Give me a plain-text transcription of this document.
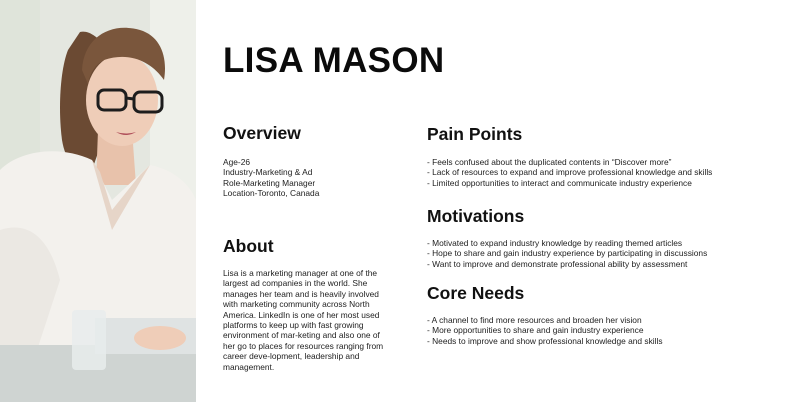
LISA MASON
Overview
Age-26
Industry-Marketing & Ad
Role-Marketing Manager
Location-Toronto, Canada
About
Lisa is a marketing manager at one of the largest ad companies in the world. She manages her team and is heavily involved with marketing community across North America. LinkedIn is one of her most used platforms to keep up with fast growing environment of mar-keting and also one of her go to places for resources ranging from career deve-lopment, leadership and management.
Pain Points
- Feels confused about the duplicated contents in “Discover more”
- Lack of resources to expand and improve professional knowledge and skills
- Limited opportunities to interact and communicate industry experience
Motivations
- Motivated to expand industry knowledge by reading themed articles
- Hope to share and gain industry experience by participating in discussions
- Want to improve and demonstrate professional ability by assessment
Core Needs
- A channel to find more resources and broaden her vision
- More opportunities to share and gain industry experience
- Needs to improve and show professional knowledge and skills
